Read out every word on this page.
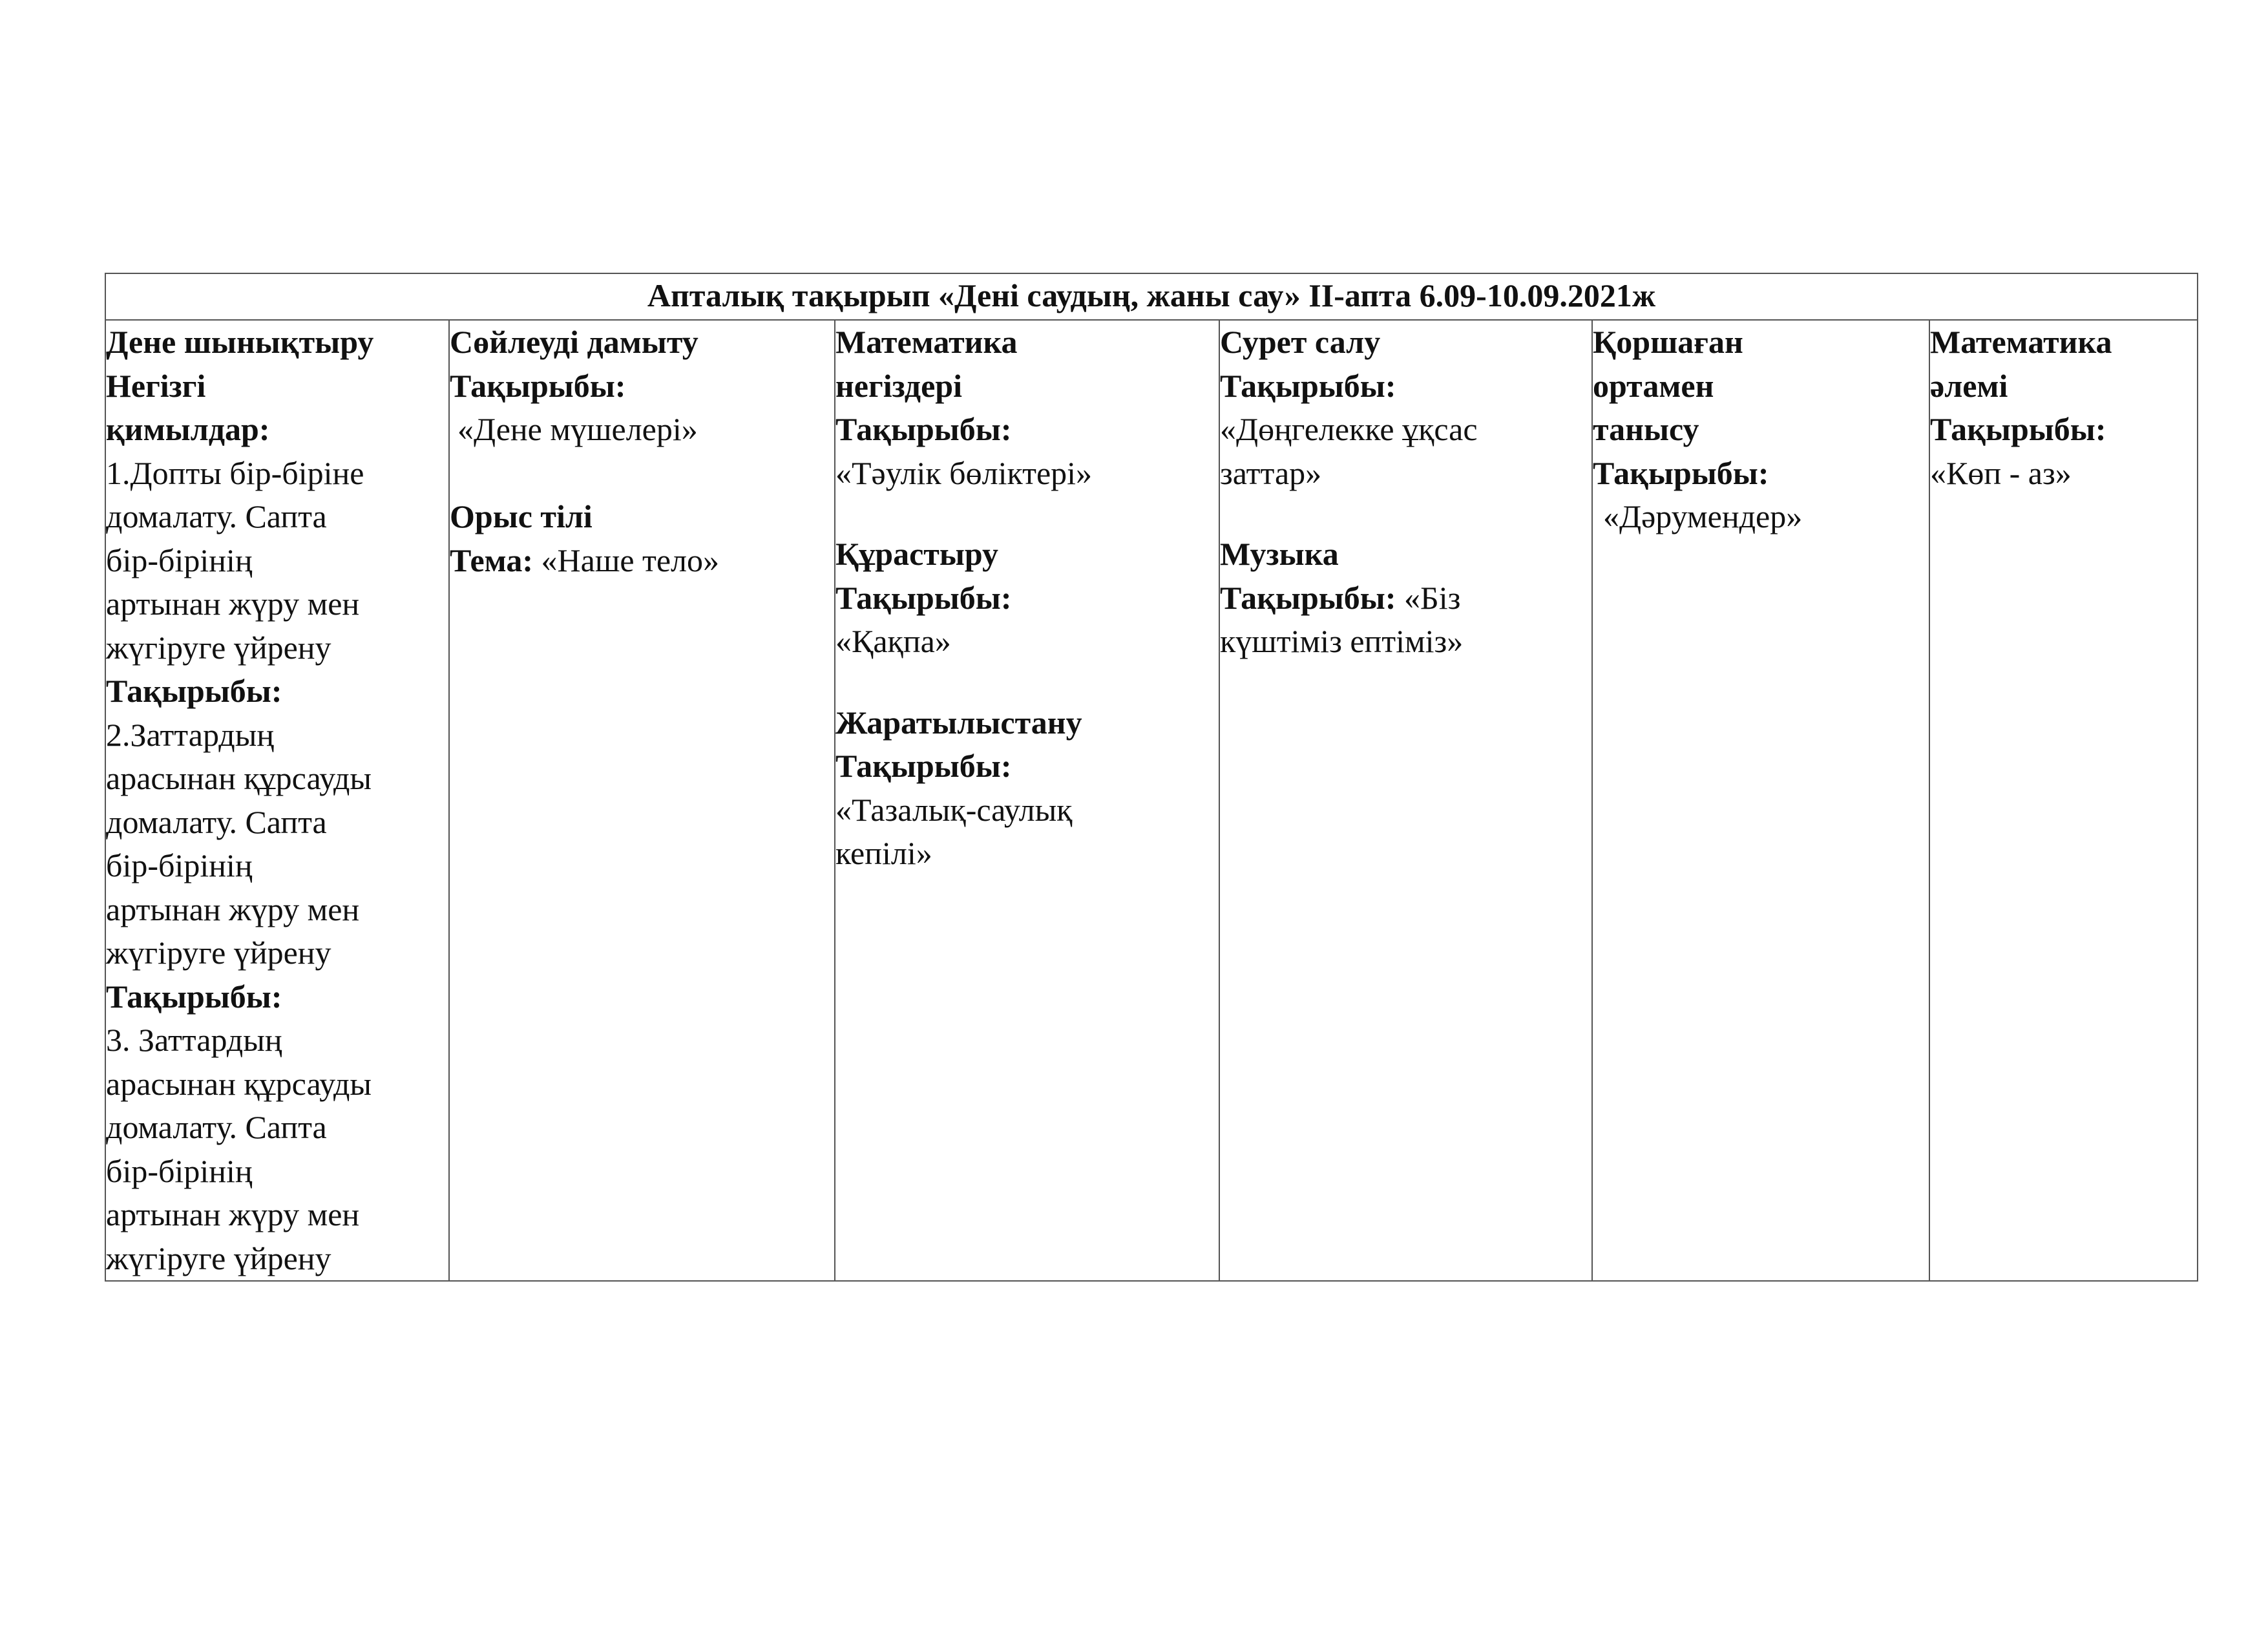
Апталық тақырып «Дені саудың, жаны сау» ІІ-апта 6.09-10.09.2021ж

Дене шынықтыру
Негізгі
қимылдар:
1.Допты бір-біріне
домалату. Сапта
бір-бірінің
артынан жүру мен
жүгіруге үйрену
Тақырыбы:
2.Заттардың
арасынан құрсауды
домалату. Сапта
бір-бірінің
артынан жүру мен
жүгіруге үйрену
Тақырыбы:
3. Заттардың
арасынан құрсауды
домалату. Сапта
бір-бірінің
артынан жүру мен
жүгіруге үйрену

Сөйлеуді дамыту
Тақырыбы:
«Дене мүшелері»
Орыс тілі
Тема: «Наше тело»

Математика
негіздері
Тақырыбы:
«Тәулік бөліктері»
Құрастыру
Тақырыбы:
«Қақпа»
Жаратылыстану
Тақырыбы:
«Тазалық-саулық
кепілі»

Сурет салу
Тақырыбы:
«Дөңгелекке ұқсас
заттар»
Музыка
Тақырыбы: «Біз
күштіміз ептіміз»

Қоршаған
ортамен
танысу
Тақырыбы:
«Дәрумендер»

Математика
әлемі
Тақырыбы:
«Көп - аз»
